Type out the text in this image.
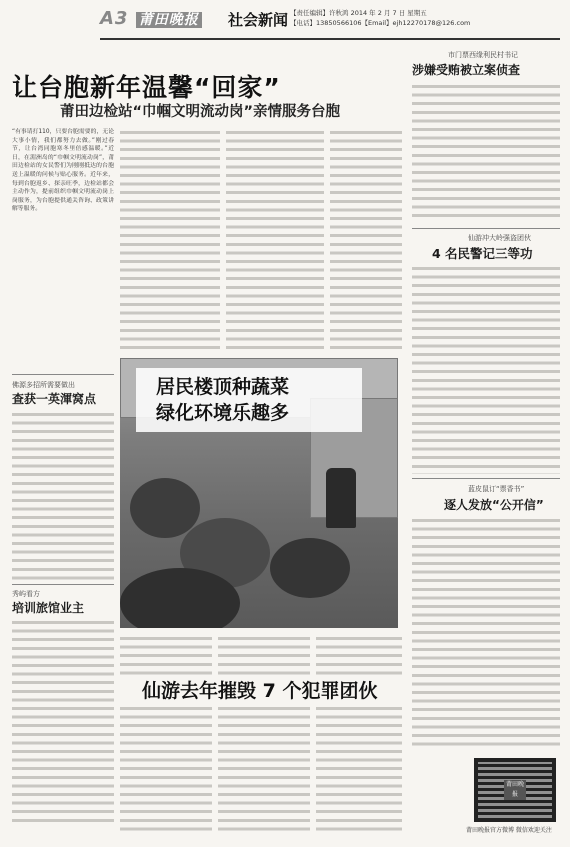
A3 莆田晚报 社会新闻 【责任编辑】许秋鸿 2014 年 2 月 7 日 星期五
【电话】13850566106【Email】ejh12270178@126.com
让台胞新年温馨“回家”
莆田边检站“巾帼文明流动岗”亲情服务台胞
“有事请打110，只要台胞需要的，无论大事小情，我们都努力去做。”刚过春节，让台湾同胞寒冬里倍感温暖。”近日，在湄洲岛的“巾帼文明流动岗”，莆田边检站的女民警们为刚刚抵达的台胞送上温暖的问候与贴心服务。近年来，每到台胞返乡、探亲旺季，边检站都会主动作为，提前组织巾帼文明流动岗上岗服务，为台胞提供通关咨询、政策讲解等服务。
市门票西缘利民村书记
涉嫌受贿被立案侦查
仙游冲大岭强盗团伙
4 名民警记三等功
蓝皮鼠订“票香书”
逐人发放“公开信”
莆田晚报
莆田晚报官方微博 微信欢迎关注
佛源多招所需要做出
查获一英渾窝点
秀屿看方
培训旅馆业主
居民楼顶种蔬菜
绿化环境乐趣多
仙游去年摧毁 7 个犯罪团伙
